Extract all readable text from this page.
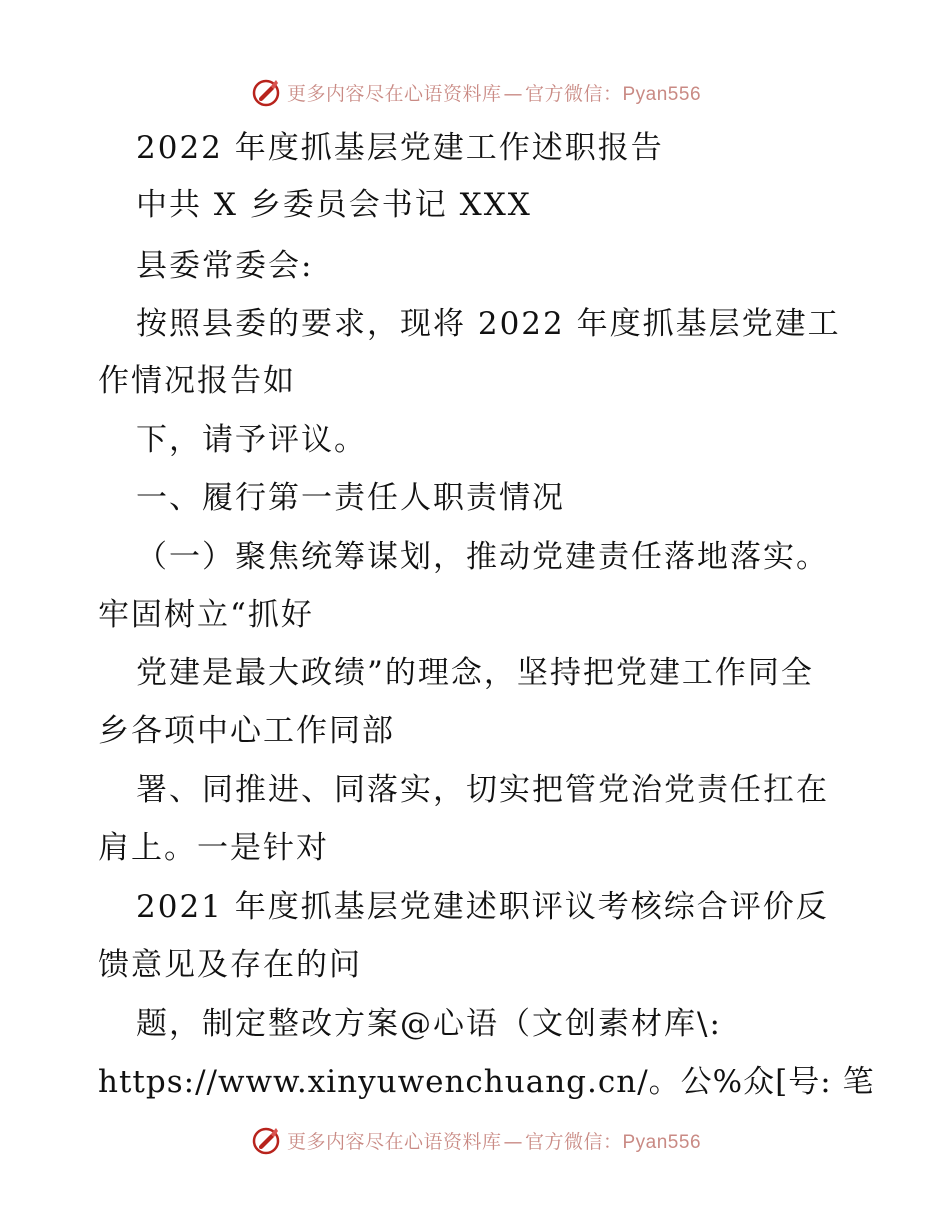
更多内容尽在心语资料库 — 官方微信：Pyan556
2022 年度抓基层党建工作述职报告
中共 X 乡委员会书记 XXX
县委常委会:
按照县委的要求，现将 2022 年度抓基层党建工
作情况报告如
下，请予评议。
一、履行第一责任人职责情况
（一）聚焦统筹谋划，推动党建责任落地落实。
牢固树立“抓好
党建是最大政绩”的理念，坚持把党建工作同全
乡各项中心工作同部
署、同推进、同落实，切实把管党治党责任扛在
肩上。一是针对
2021 年度抓基层党建述职评议考核综合评价反
馈意见及存在的问
题，制定整改方案@心语（文创素材库\:
https://www.xinyuwenchuang.cn/。公%众[号: 笔
更多内容尽在心语资料库 — 官方微信：Pyan556
